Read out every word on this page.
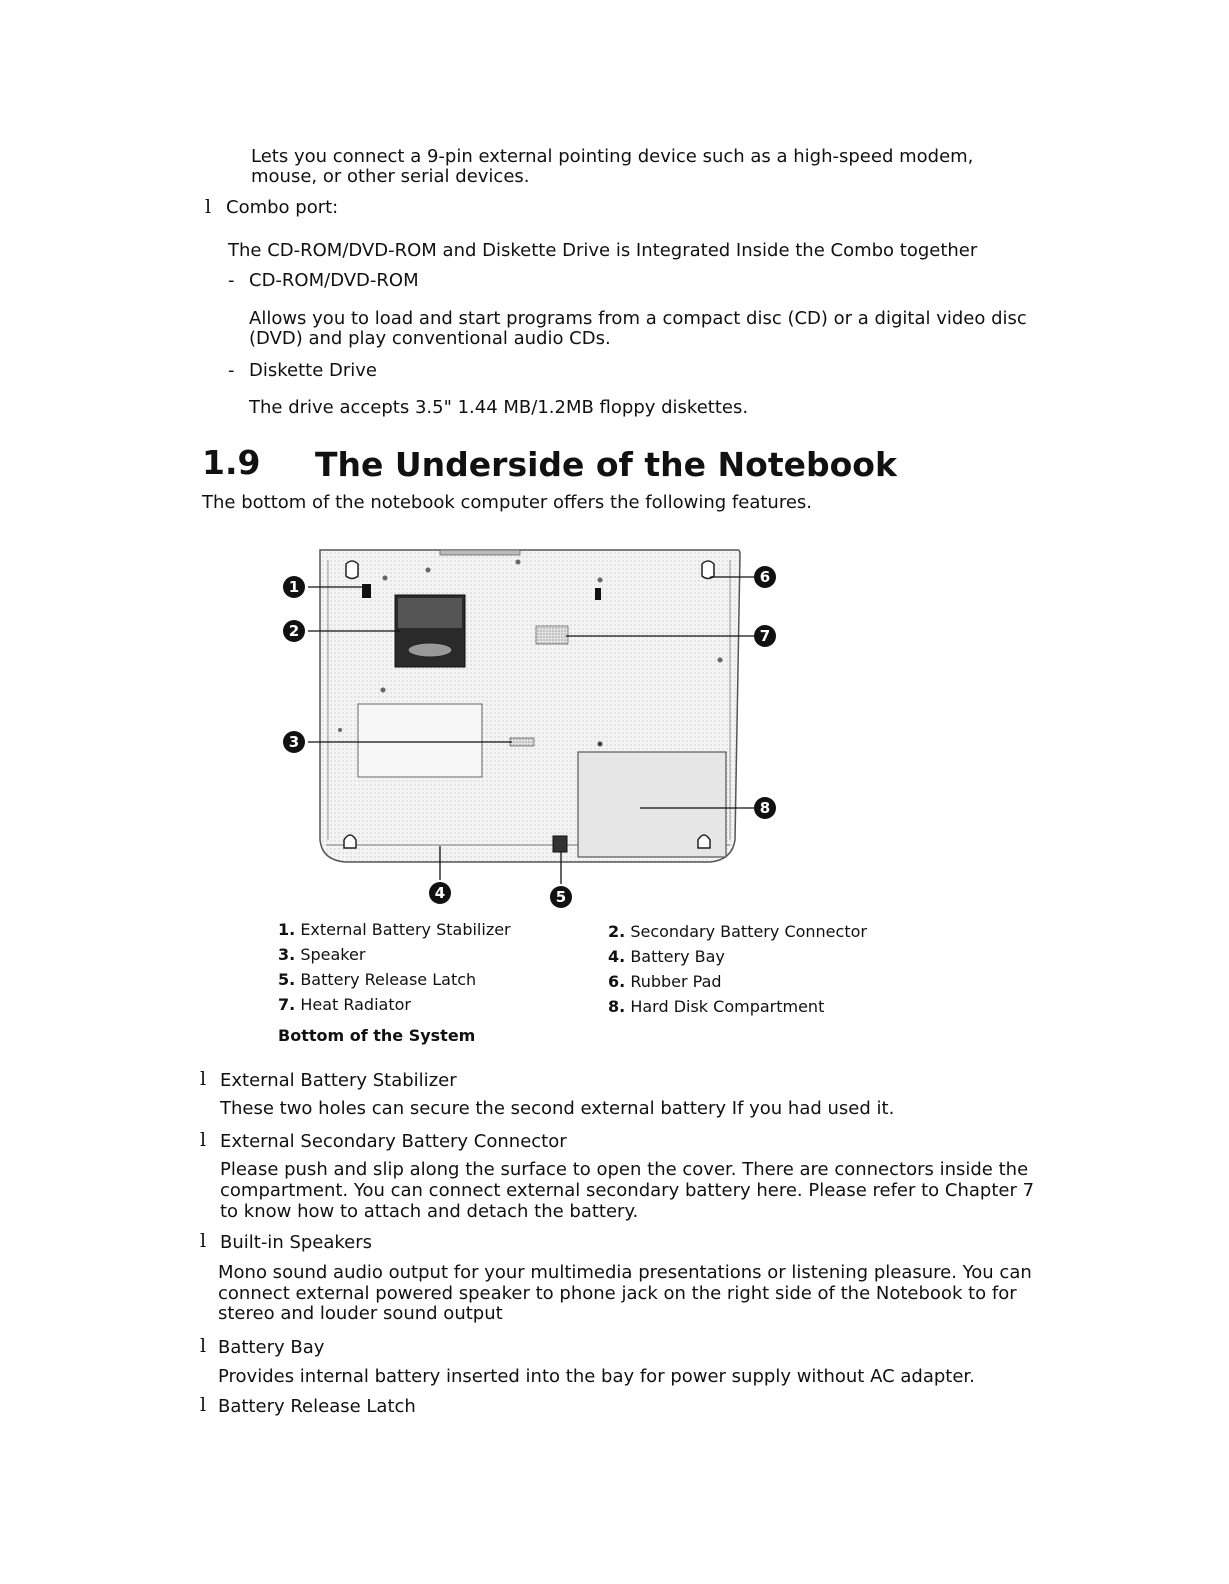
Lets you connect a 9-pin external pointing device such as a high-speed modem,
mouse, or other serial devices.
l Combo port:
The CD-ROM/DVD-ROM and Diskette Drive is Integrated Inside the Combo together
- CD-ROM/DVD-ROM
Allows you to load and start programs from a compact disc (CD) or a digital video disc
(DVD) and play conventional audio CDs.
- Diskette Drive
The drive accepts 3.5" 1.44 MB/1.2MB floppy diskettes.
1.9 The Underside of the Notebook
The bottom of the notebook computer offers the following features.
1
2
3
4	5
6
7
8
1. External Battery Stabilizer	2. Secondary Battery Connector
3. Speaker	4. Battery Bay
5. Battery Release Latch	6. Rubber Pad
7. Heat Radiator	8. Hard Disk Compartment
Bottom of the System
l External Battery Stabilizer
These two holes can secure the second external battery If you had used it.
l External Secondary Battery Connector
Please push and slip along the surface to open the cover. There are connectors inside the
compartment. You can connect external secondary battery here. Please refer to Chapter 7
to know how to attach and detach the battery.
l Built-in Speakers
Mono sound audio output for your multimedia presentations or listening pleasure. You can
connect external powered speaker to phone jack on the right side of the Notebook to for
stereo and louder sound output
l Battery Bay
Provides internal battery inserted into the bay for power supply without AC adapter.
l Battery Release Latch
